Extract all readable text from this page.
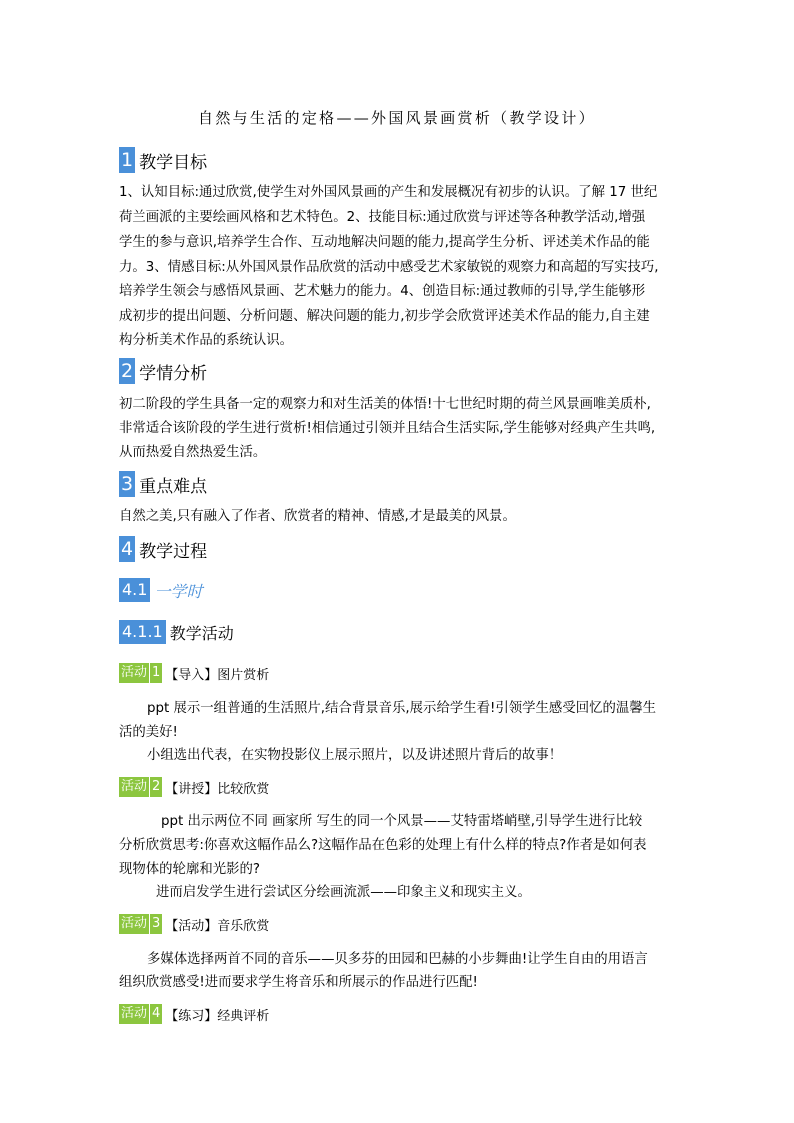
自然与生活的定格——外国风景画赏析（教学设计）
1 教学目标

1、认知目标:通过欣赏,使学生对外国风景画的产生和发展概况有初步的认识。了解 17 世纪

荷兰画派的主要绘画风格和艺术特色。2、技能目标:通过欣赏与评述等各种教学活动,增强

学生的参与意识,培养学生合作、互动地解决问题的能力,提高学生分析、评述美术作品的能

力。3、情感目标:从外国风景作品欣赏的活动中感受艺术家敏锐的观察力和高超的写实技巧,

培养学生领会与感悟风景画、艺术魅力的能力。4、创造目标:通过教师的引导,学生能够形

成初步的提出问题、分析问题、解决问题的能力,初步学会欣赏评述美术作品的能力,自主建

构分析美术作品的系统认识。

2 学情分析

初二阶段的学生具备一定的观察力和对生活美的体悟!十七世纪时期的荷兰风景画唯美质朴,

非常适合该阶段的学生进行赏析!相信通过引领并且结合生活实际,学生能够对经典产生共鸣,

从而热爱自然热爱生活。

3 重点难点

自然之美,只有融入了作者、欣赏者的精神、情感,才是最美的风景。

4 教学过程
4.1 一学时
4.1.1 教学活动
活动 1 【导入】图片赏析

ppt 展示一组普通的生活照片,结合背景音乐,展示给学生看!引领学生感受回忆的温馨生

活的美好!

小组选出代表，在实物投影仪上展示照片，以及讲述照片背后的故事！

活动 2 【讲授】比较欣赏

ppt 出示两位不同 画家所 写生的同一个风景——艾特雷塔峭壁,引导学生进行比较

分析欣赏思考:你喜欢这幅作品么?这幅作品在色彩的处理上有什么样的特点?作者是如何表

现物体的轮廓和光影的?

进而启发学生进行尝试区分绘画流派——印象主义和现实主义。

活动 3 【活动】音乐欣赏

多媒体选择两首不同的音乐——贝多芬的田园和巴赫的小步舞曲!让学生自由的用语言

组织欣赏感受!进而要求学生将音乐和所展示的作品进行匹配!

活动 4 【练习】经典评析
